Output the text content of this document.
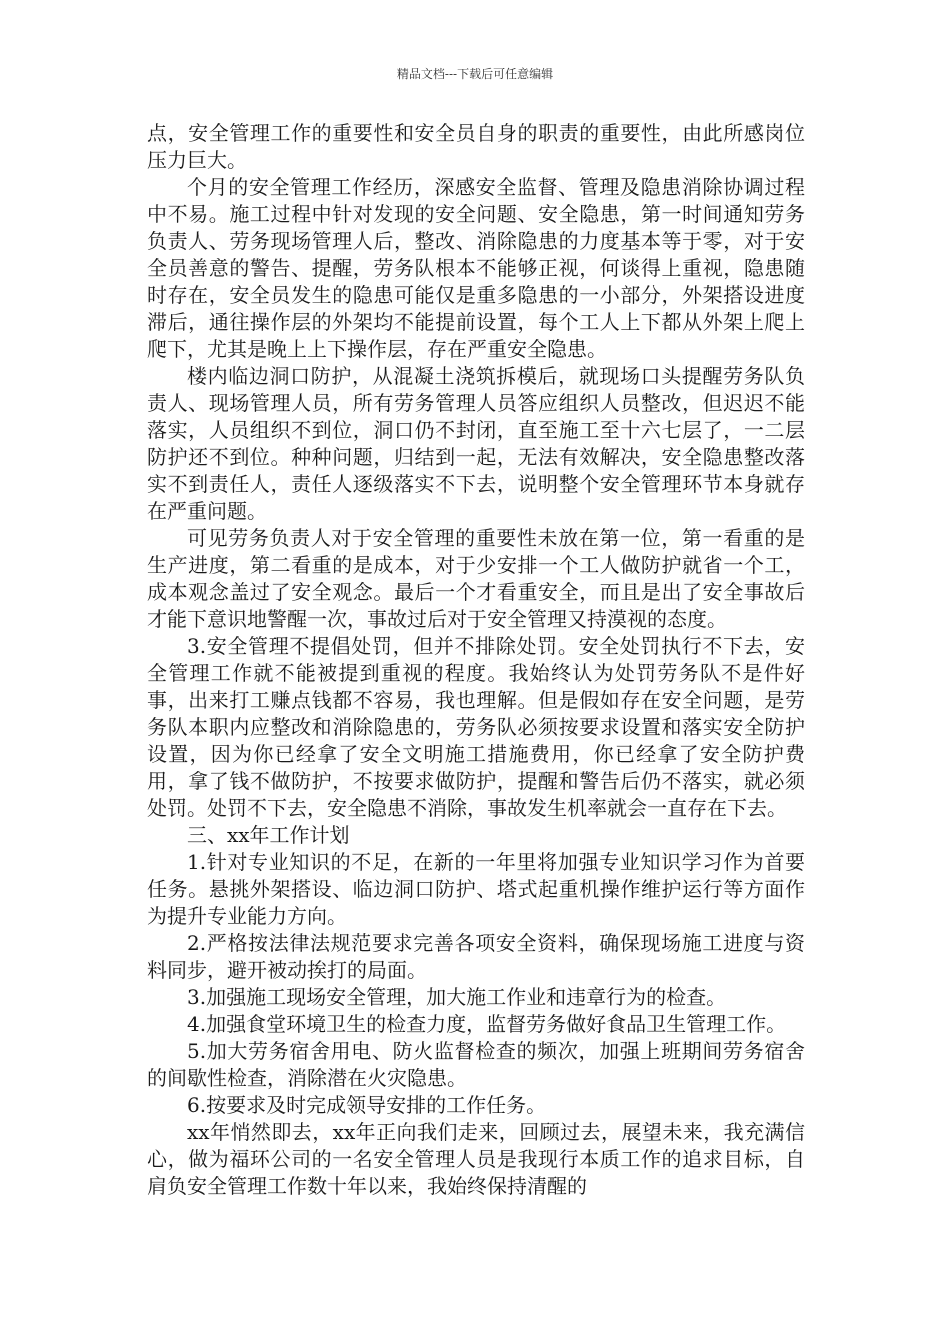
精品文档---下载后可任意编辑

点，安全管理工作的重要性和安全员自身的职责的重要性，由此所感岗位压力巨大。

个月的安全管理工作经历，深感安全监督、管理及隐患消除协调过程中不易。施工过程中针对发现的安全问题、安全隐患，第一时间通知劳务负责人、劳务现场管理人后，整改、消除隐患的力度基本等于零，对于安全员善意的警告、提醒，劳务队根本不能够正视，何谈得上重视，隐患随时存在，安全员发生的隐患可能仅是重多隐患的一小部分，外架搭设进度滞后，通往操作层的外架均不能提前设置，每个工人上下都从外架上爬上爬下，尤其是晚上上下操作层，存在严重安全隐患。

楼内临边洞口防护，从混凝土浇筑拆模后，就现场口头提醒劳务队负责人、现场管理人员，所有劳务管理人员答应组织人员整改，但迟迟不能落实，人员组织不到位，洞口仍不封闭，直至施工至十六七层了，一二层防护还不到位。种种问题，归结到一起，无法有效解决，安全隐患整改落实不到责任人，责任人逐级落实不下去，说明整个安全管理环节本身就存在严重问题。

可见劳务负责人对于安全管理的重要性未放在第一位，第一看重的是生产进度，第二看重的是成本，对于少安排一个工人做防护就省一个工，成本观念盖过了安全观念。最后一个才看重安全，而且是出了安全事故后才能下意识地警醒一次，事故过后对于安全管理又持漠视的态度。

3.安全管理不提倡处罚，但并不排除处罚。安全处罚执行不下去，安全管理工作就不能被提到重视的程度。我始终认为处罚劳务队不是件好事，出来打工赚点钱都不容易，我也理解。但是假如存在安全问题，是劳务队本职内应整改和消除隐患的，劳务队必须按要求设置和落实安全防护设置，因为你已经拿了安全文明施工措施费用，你已经拿了安全防护费用，拿了钱不做防护，不按要求做防护，提醒和警告后仍不落实，就必须处罚。处罚不下去，安全隐患不消除，事故发生机率就会一直存在下去。

三、xx年工作计划

1.针对专业知识的不足，在新的一年里将加强专业知识学习作为首要任务。悬挑外架搭设、临边洞口防护、塔式起重机操作维护运行等方面作为提升专业能力方向。

2.严格按法律法规范要求完善各项安全资料，确保现场施工进度与资料同步，避开被动挨打的局面。

3.加强施工现场安全管理，加大施工作业和违章行为的检查。

4.加强食堂环境卫生的检查力度，监督劳务做好食品卫生管理工作。

5.加大劳务宿舍用电、防火监督检查的频次，加强上班期间劳务宿舍的间歇性检查，消除潜在火灾隐患。

6.按要求及时完成领导安排的工作任务。

xx年悄然即去，xx年正向我们走来，回顾过去，展望未来，我充满信心，做为福环公司的一名安全管理人员是我现行本质工作的追求目标，自肩负安全管理工作数十年以来，我始终保持清醒的
